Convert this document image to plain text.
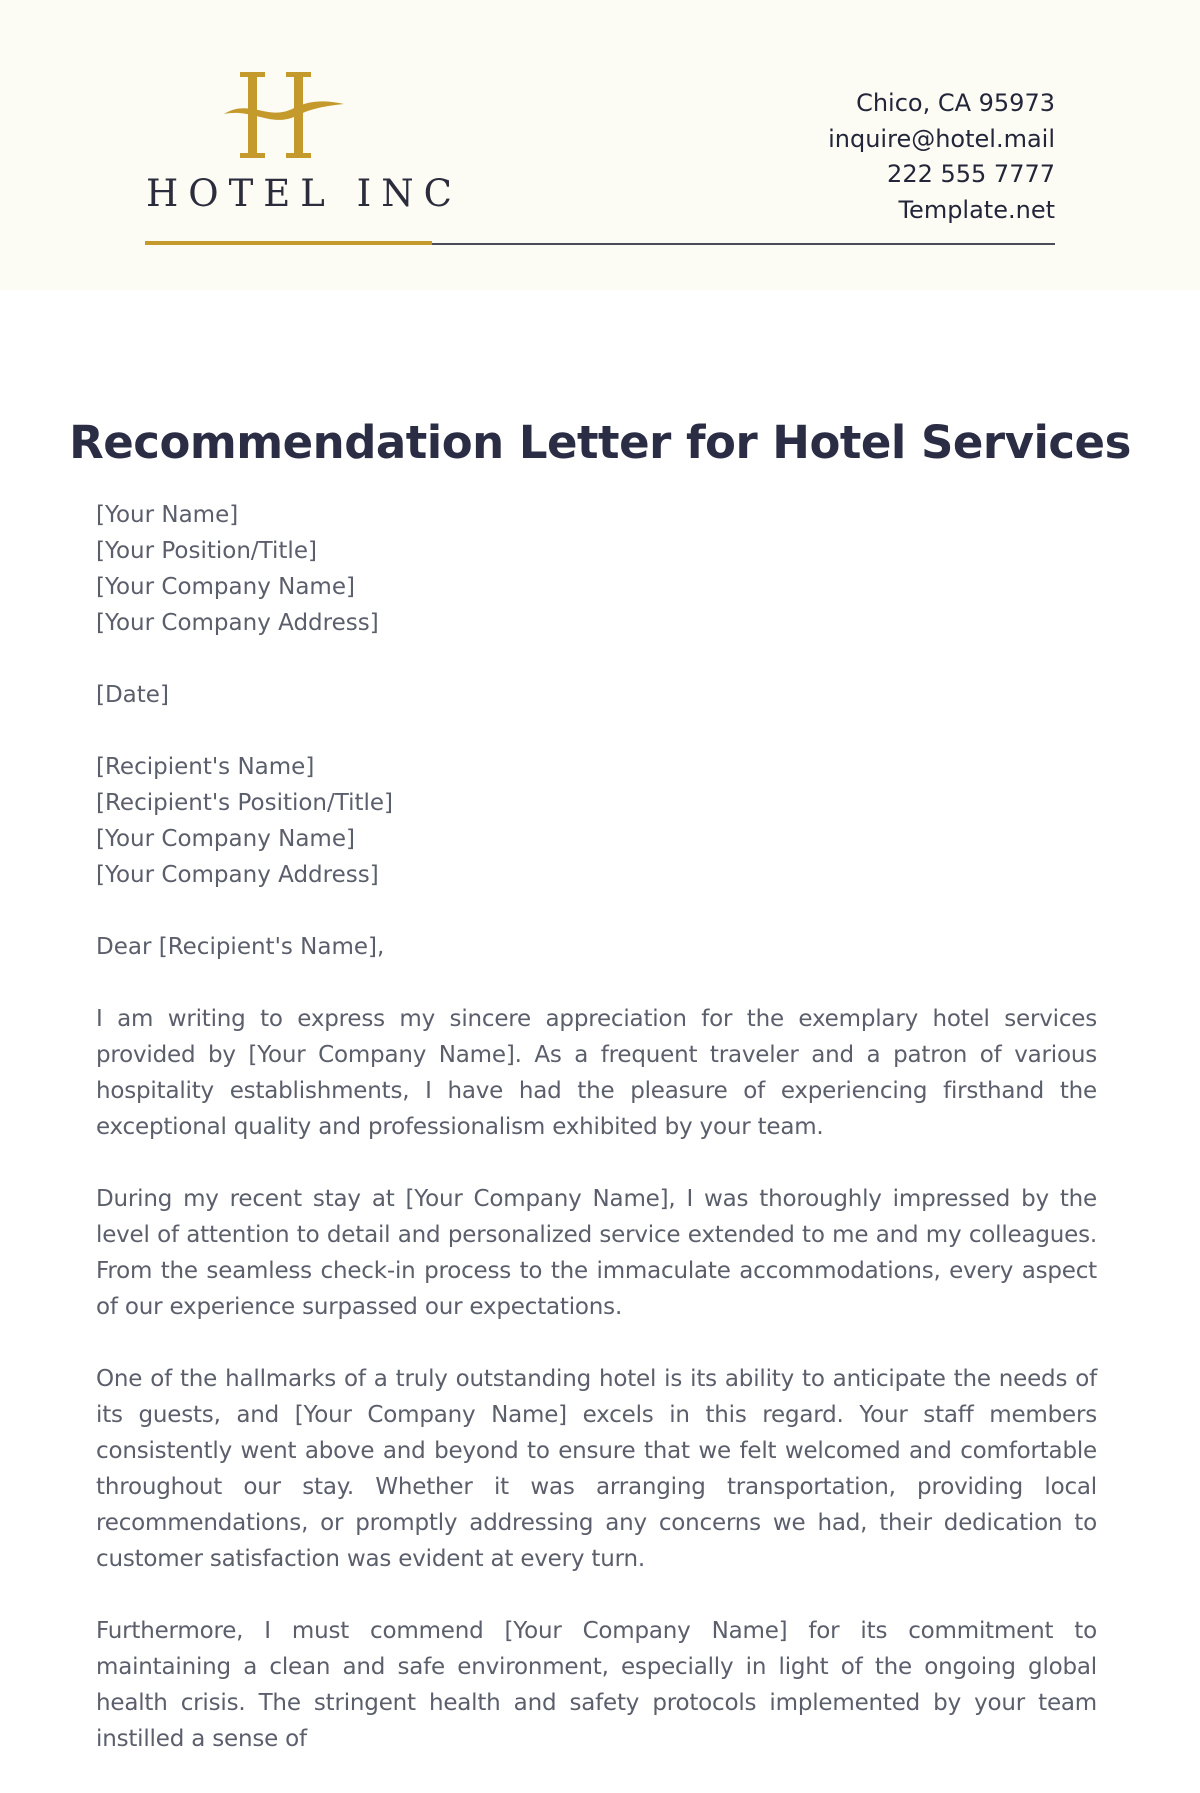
HOTEL INC
Chico, CA 95973
inquire@hotel.mail
222 555 7777
Template.net
Recommendation Letter for Hotel Services
[Your Name]
[Your Position/Title]
[Your Company Name]
[Your Company Address]
[Date]
[Recipient's Name]
[Recipient's Position/Title]
[Your Company Name]
[Your Company Address]
Dear [Recipient's Name],

I am writing to express my sincere appreciation for the exemplary hotel services provided by [Your Company Name]. As a frequent traveler and a patron of various hospitality establishments, I have had the pleasure of experiencing firsthand the exceptional quality and professionalism exhibited by your team.

During my recent stay at [Your Company Name], I was thoroughly impressed by the level of attention to detail and personalized service extended to me and my colleagues. From the seamless check-in process to the immaculate accommodations, every aspect of our experience surpassed our expectations.

One of the hallmarks of a truly outstanding hotel is its ability to anticipate the needs of its guests, and [Your Company Name] excels in this regard. Your staff members consistently went above and beyond to ensure that we felt welcomed and comfortable throughout our stay. Whether it was arranging transportation, providing local recommendations, or promptly addressing any concerns we had, their dedication to customer satisfaction was evident at every turn.

Furthermore, I must commend [Your Company Name] for its commitment to maintaining a clean and safe environment, especially in light of the ongoing global health crisis. The stringent health and safety protocols implemented by your team instilled a sense of
